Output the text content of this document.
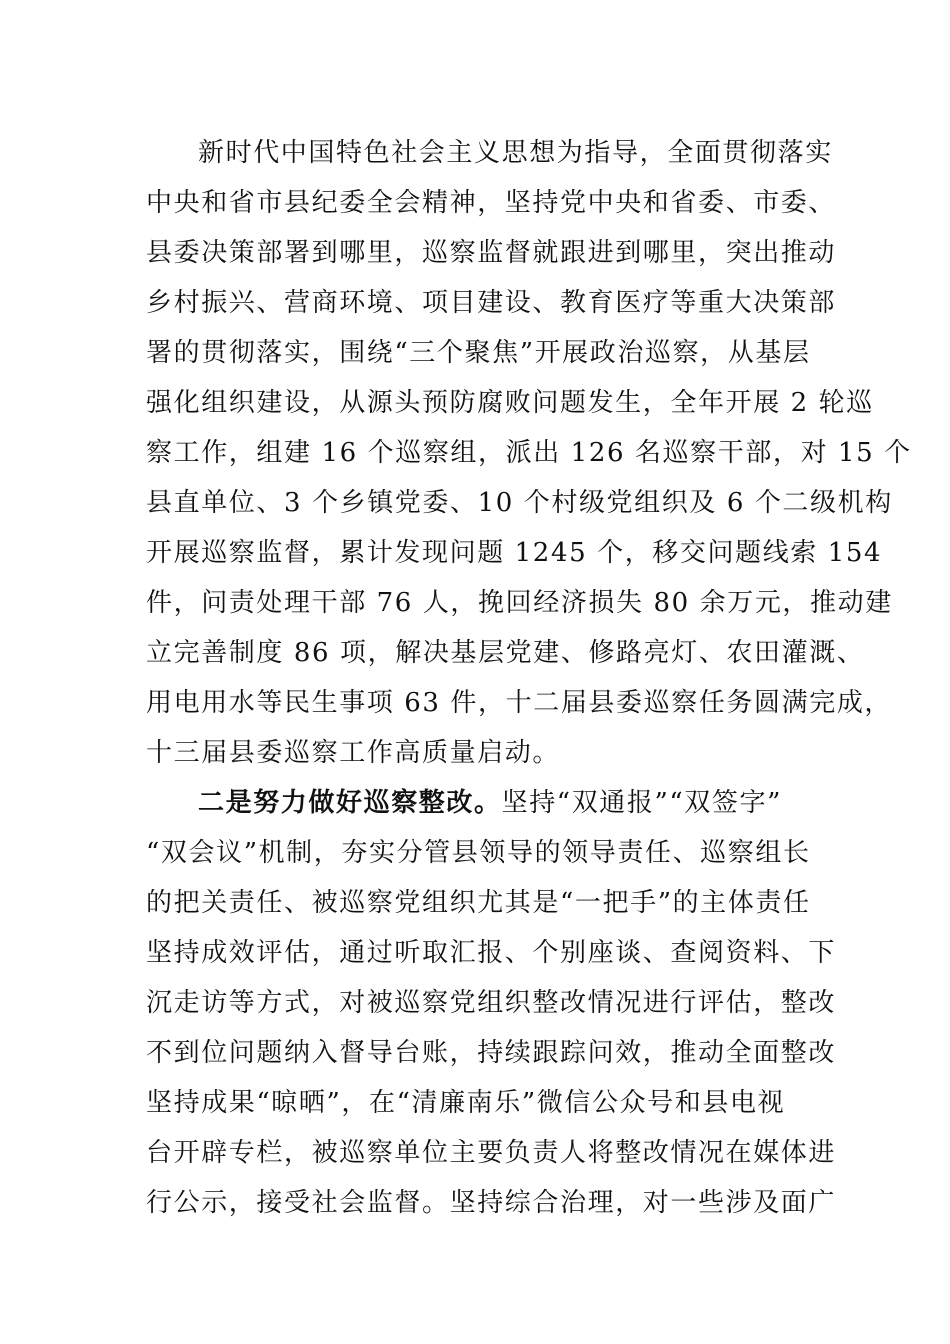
新时代中国特色社会主义思想为指导，全面贯彻落实
中央和省市县纪委全会精神，坚持党中央和省委、市委、
县委决策部署到哪里，巡察监督就跟进到哪里，突出推动
乡村振兴、营商环境、项目建设、教育医疗等重大决策部
署的贯彻落实，围绕“三个聚焦”开展政治巡察，从基层
强化组织建设，从源头预防腐败问题发生，全年开展 2 轮巡
察工作，组建 16 个巡察组，派出 126 名巡察干部，对 15 个
县直单位、3 个乡镇党委、10 个村级党组织及 6 个二级机构
开展巡察监督，累计发现问题 1245 个，移交问题线索 154
件，问责处理干部 76 人，挽回经济损失 80 余万元，推动建
立完善制度 86 项，解决基层党建、修路亮灯、农田灌溉、
用电用水等民生事项 63 件，十二届县委巡察任务圆满完成，
十三届县委巡察工作高质量启动。
二是努力做好巡察整改。坚持“双通报”“双签字”
“双会议”机制，夯实分管县领导的领导责任、巡察组长
的把关责任、被巡察党组织尤其是“一把手”的主体责任
坚持成效评估，通过听取汇报、个别座谈、查阅资料、下
沉走访等方式，对被巡察党组织整改情况进行评估，整改
不到位问题纳入督导台账，持续跟踪问效，推动全面整改
坚持成果“晾晒”，在“清廉南乐”微信公众号和县电视
台开辟专栏，被巡察单位主要负责人将整改情况在媒体进
行公示，接受社会监督。坚持综合治理，对一些涉及面广
